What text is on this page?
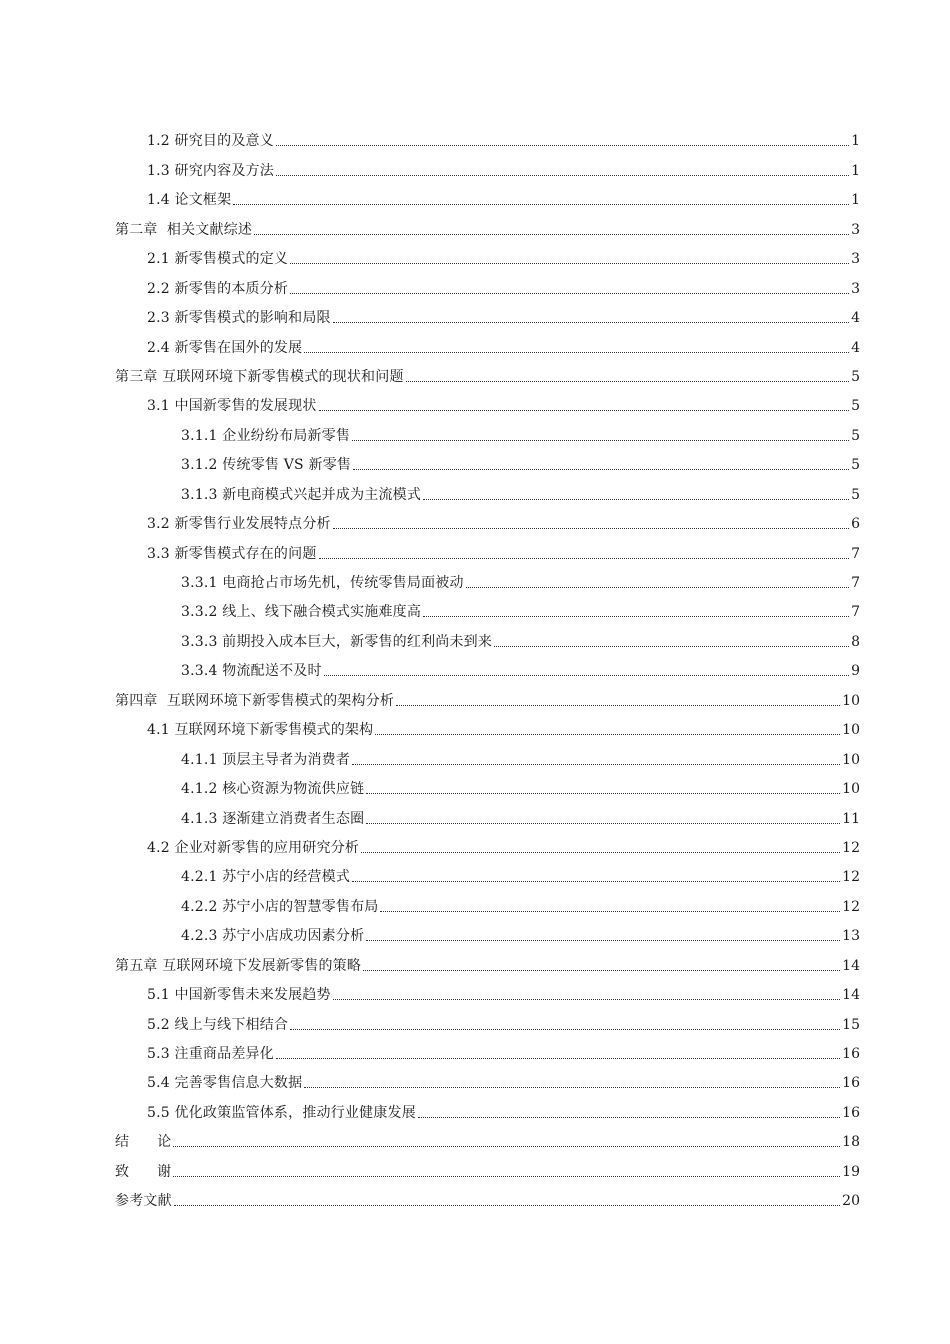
1.2 研究目的及意义	1
1.3 研究内容及方法	1
1.4 论文框架	1
第二章  相关文献综述	3
2.1 新零售模式的定义	3
2.2 新零售的本质分析	3
2.3 新零售模式的影响和局限	4
2.4 新零售在国外的发展	4
第三章 互联网环境下新零售模式的现状和问题	5
3.1 中国新零售的发展现状	5
3.1.1 企业纷纷布局新零售	5
3.1.2 传统零售 VS 新零售	5
3.1.3 新电商模式兴起并成为主流模式	5
3.2 新零售行业发展特点分析	6
3.3 新零售模式存在的问题	7
3.3.1 电商抢占市场先机，传统零售局面被动	7
3.3.2 线上、线下融合模式实施难度高	7
3.3.3 前期投入成本巨大，新零售的红利尚未到来	8
3.3.4 物流配送不及时	9
第四章  互联网环境下新零售模式的架构分析	10
4.1 互联网环境下新零售模式的架构	10
4.1.1 顶层主导者为消费者	10
4.1.2 核心资源为物流供应链	10
4.1.3 逐渐建立消费者生态圈	11
4.2 企业对新零售的应用研究分析	12
4.2.1 苏宁小店的经营模式	12
4.2.2 苏宁小店的智慧零售布局	12
4.2.3 苏宁小店成功因素分析	13
第五章 互联网环境下发展新零售的策略	14
5.1 中国新零售未来发展趋势	14
5.2 线上与线下相结合	15
5.3 注重商品差异化	16
5.4 完善零售信息大数据	16
5.5 优化政策监管体系，推动行业健康发展	16
结      论	18
致      谢	19
参考文献	20
